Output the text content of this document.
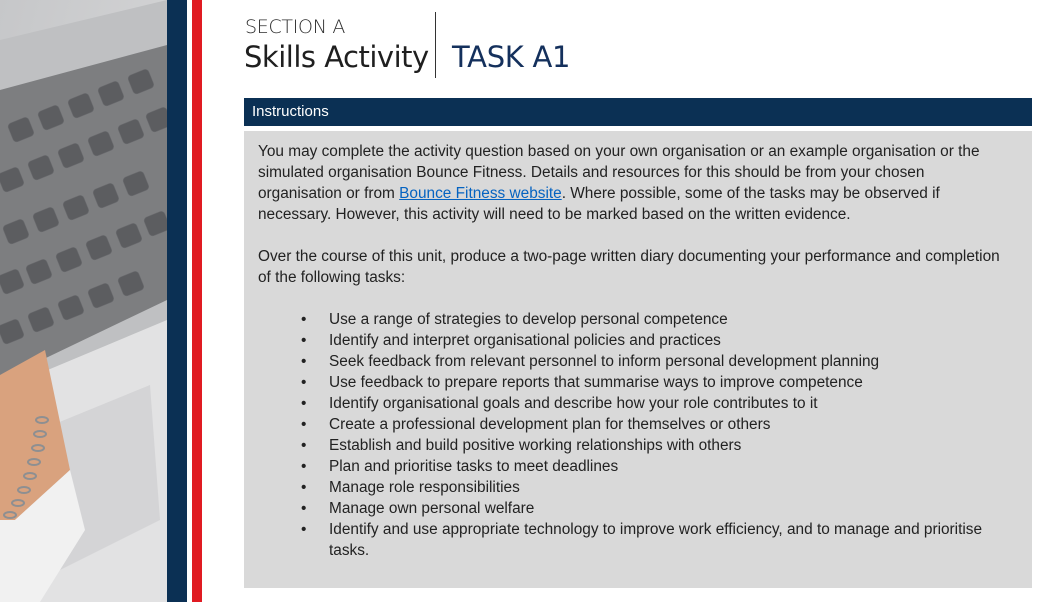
SECTION A
Skills Activity TASK A1
Instructions

You may complete the activity question based on your own organisation or an example organisation or the simulated organisation Bounce Fitness. Details and resources for this should be from your chosen organisation or from Bounce Fitness website. Where possible, some of the tasks may be observed if necessary. However, this activity will need to be marked based on the written evidence.

Over the course of this unit, produce a two-page written diary documenting your performance and completion of the following tasks:

• Use a range of strategies to develop personal competence
• Identify and interpret organisational policies and practices
• Seek feedback from relevant personnel to inform personal development planning
• Use feedback to prepare reports that summarise ways to improve competence
• Identify organisational goals and describe how your role contributes to it
• Create a professional development plan for themselves or others
• Establish and build positive working relationships with others
• Plan and prioritise tasks to meet deadlines
• Manage role responsibilities
• Manage own personal welfare
• Identify and use appropriate technology to improve work efficiency, and to manage and prioritise tasks.
